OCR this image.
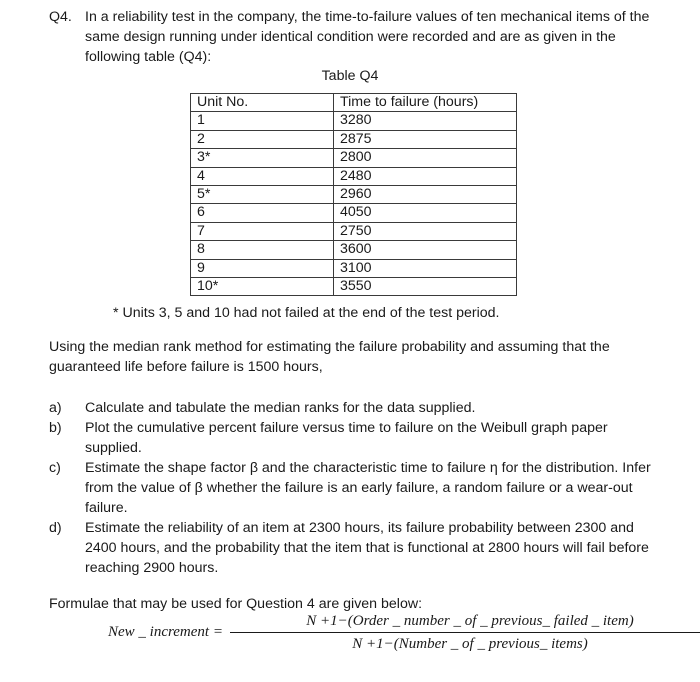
Q4. In a reliability test in the company, the time-to-failure values of ten mechanical items of the same design running under identical condition were recorded and are as given in the following table (Q4):
Table Q4
Unit No.	Time to failure (hours)
1	3280
2	2875
3*	2800
4	2480
5*	2960
6	4050
7	2750
8	3600
9	3100
10*	3550
* Units 3, 5 and 10 had not failed at the end of the test period.
Using the median rank method for estimating the failure probability and assuming that the guaranteed life before failure is 1500 hours,
a)	Calculate and tabulate the median ranks for the data supplied.
b)	Plot the cumulative percent failure versus time to failure on the Weibull graph paper supplied.
c)	Estimate the shape factor β and the characteristic time to failure η for the distribution. Infer from the value of β whether the failure is an early failure, a random failure or a wear-out failure.
d)	Estimate the reliability of an item at 2300 hours, its failure probability between 2300 and 2400 hours, and the probability that the item that is functional at 2800 hours will fail before reaching 2900 hours.
Formulae that may be used for Question 4 are given below:
New _ increment =
N +1−(Order _ number _ of _ previous_ failed _ item)
N +1−(Number _ of _ previous_ items)
